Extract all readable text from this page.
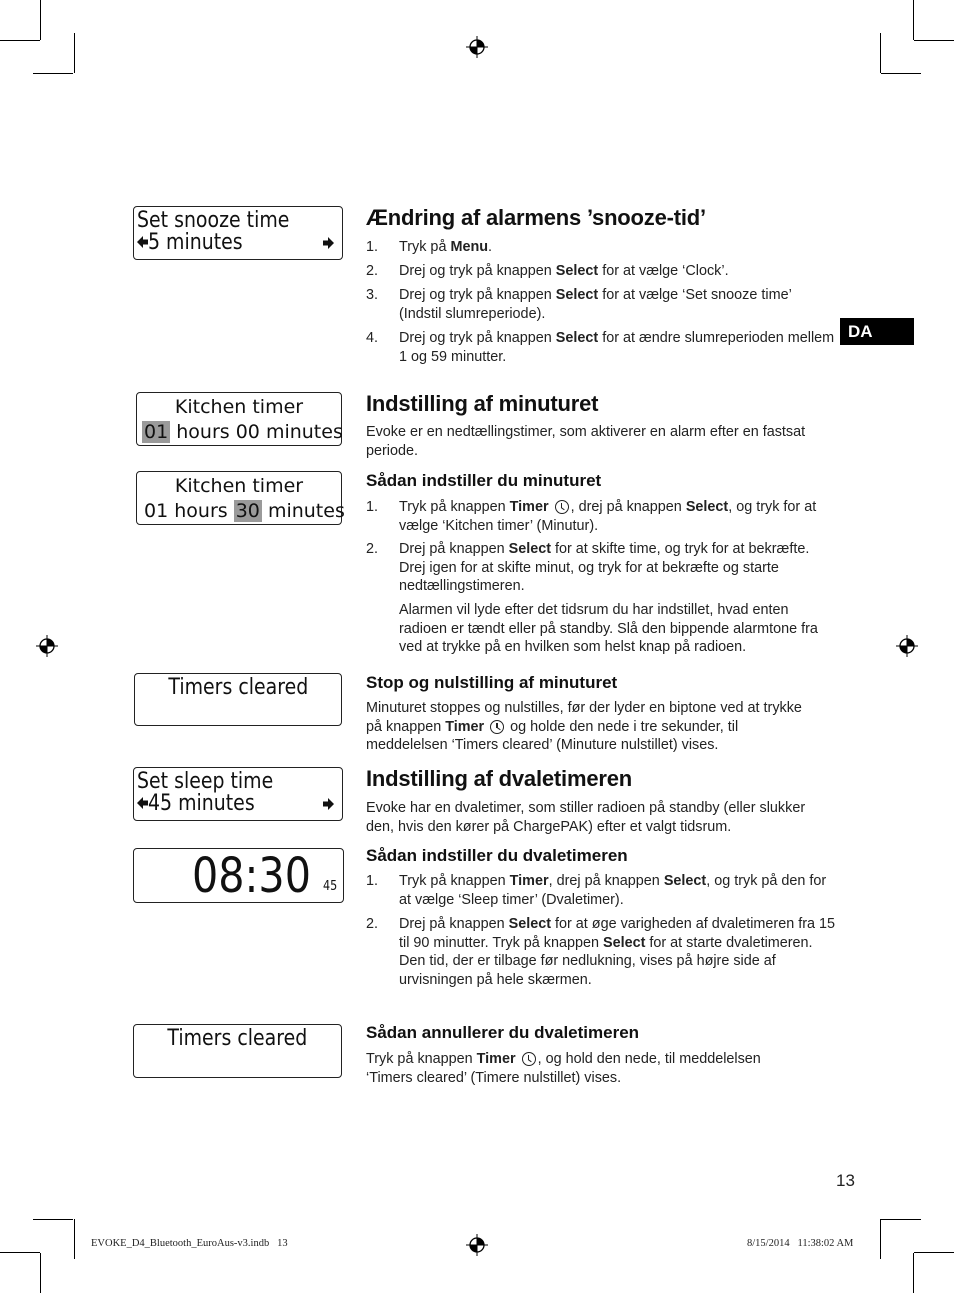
Set snooze time
5 minutes
Kitchen timer
01 hours 00 minutes
Kitchen timer
01 hours 30 minutes
Timers cleared
Set sleep time
45 minutes
08:30 45
Timers cleared
DA
Ændring af alarmens ’snooze-tid’
1. Tryk på Menu.
2. Drej og tryk på knappen Select for at vælge ‘Clock’.
3. Drej og tryk på knappen Select for at vælge ‘Set snooze time’ (Indstil slumreperiode).
4. Drej og tryk på knappen Select for at ændre slumreperioden mellem 1 og 59 minutter.
Indstilling af minuturet
Evoke er en nedtællingstimer, som aktiverer en alarm efter en fastsat periode.
Sådan indstiller du minuturet
1. Tryk på knappen Timer , drej på knappen Select, og tryk for at vælge ‘Kitchen timer’ (Minutur).
2. Drej på knappen Select for at skifte time, og tryk for at bekræfte. Drej igen for at skifte minut, og tryk for at bekræfte og starte nedtællingstimeren.
Alarmen vil lyde efter det tidsrum du har indstillet, hvad enten radioen er tændt eller på standby. Slå den bippende alarmtone fra ved at trykke på en hvilken som helst knap på radioen.
Stop og nulstilling af minuturet
Minuturet stoppes og nulstilles, før der lyder en biptone ved at trykke på knappen Timer  og holde den nede i tre sekunder, til meddelelsen ‘Timers cleared’ (Minuture nulstillet) vises.
Indstilling af dvaletimeren
Evoke har en dvaletimer, som stiller radioen på standby (eller slukker den, hvis den kører på ChargePAK) efter et valgt tidsrum.
Sådan indstiller du dvaletimeren
1. Tryk på knappen Timer, drej på knappen Select, og tryk på den for at vælge ‘Sleep timer’ (Dvaletimer).
2. Drej på knappen Select for at øge varigheden af dvaletimeren fra 15 til 90 minutter. Tryk på knappen Select for at starte dvaletimeren.
Den tid, der er tilbage før nedlukning, vises på højre side af urvisningen på hele skærmen.
Sådan annullerer du dvaletimeren
Tryk på knappen Timer , og hold den nede, til meddelelsen ‘Timers cleared’ (Timere nulstillet) vises.
13
EVOKE_D4_Bluetooth_EuroAus-v3.indb   13	8/15/2014   11:38:02 AM
